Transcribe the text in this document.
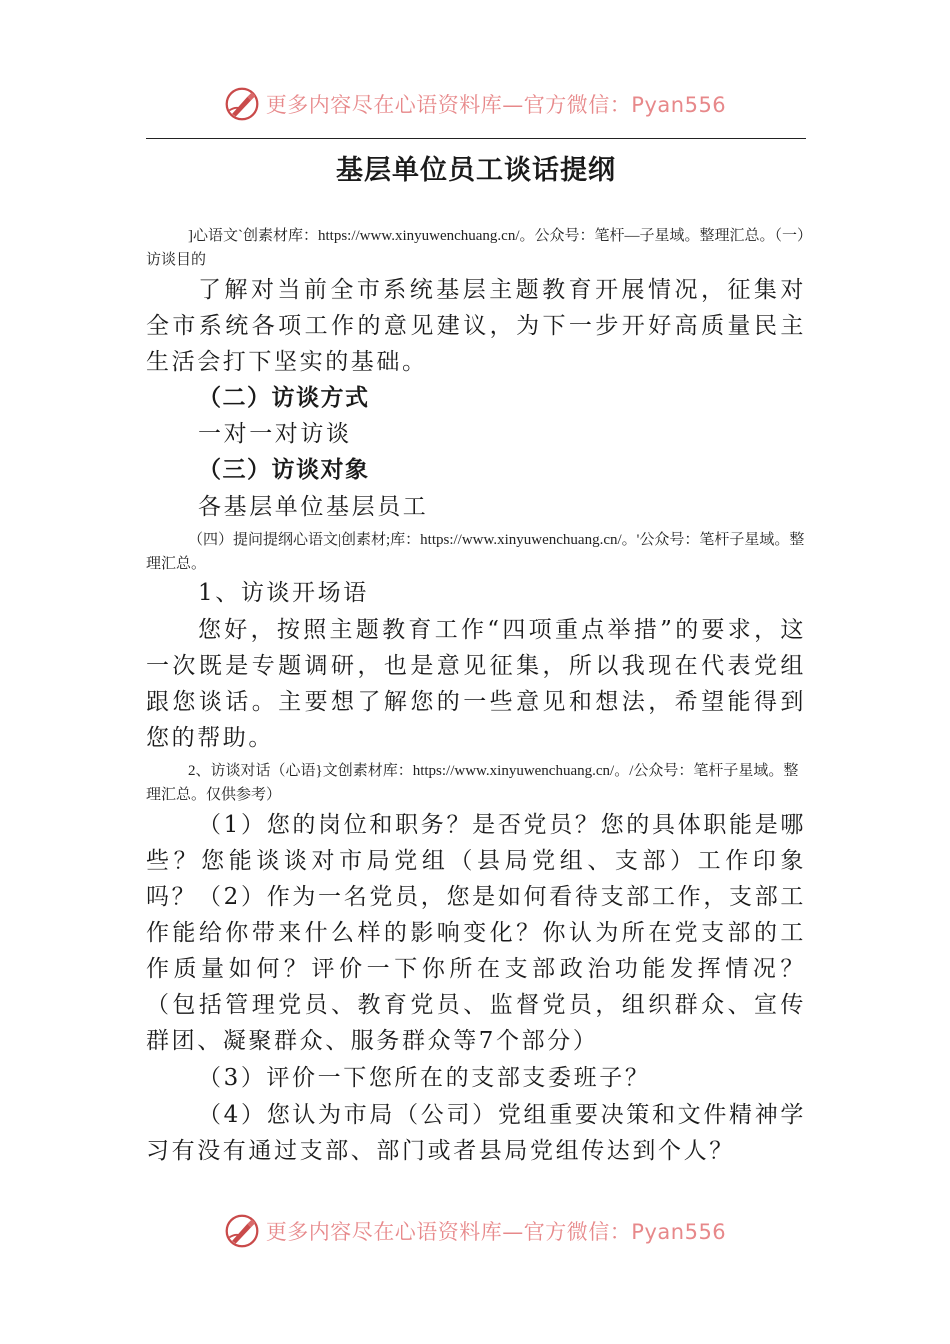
更多内容尽在心语资料库—官方微信：Pyan556
基层单位员工谈话提纲

]心语文`创素材库：https://www.xinyuwenchuang.cn/。公众号：笔杆—子星域。整理汇总。（一）访谈目的

了解对当前全市系统基层主题教育开展情况，征集对全市系统各项工作的意见建议，为下一步开好高质量民主生活会打下坚实的基础。

（二）访谈方式

一对一对访谈

（三）访谈对象

各基层单位基层员工

（四）提问提纲心语文|创素材;库：https://www.xinyuwenchuang.cn/。'公众号：笔杆子星域。整理汇总。

1、访谈开场语

您好，按照主题教育工作“四项重点举措”的要求，这一次既是专题调研，也是意见征集，所以我现在代表党组跟您谈话。主要想了解您的一些意见和想法，希望能得到您的帮助。

2、访谈对话（心语}文创素材库：https://www.xinyuwenchuang.cn/。/公众号：笔杆子星域。整理汇总。仅供参考）

（1）您的岗位和职务？是否党员？您的具体职能是哪些？您能谈谈对市局党组（县局党组、支部）工作印象吗？ （2）作为一名党员，您是如何看待支部工作，支部工作能给你带来什么样的影响变化？你认为所在党支部的工作质量如何？评价一下你所在支部政治功能发挥情况？（包括管理党员、教育党员、监督党员，组织群众、宣传群团、凝聚群众、服务群众等7个部分）

（3）评价一下您所在的支部支委班子？

（4）您认为市局（公司）党组重要决策和文件精神学习有没有通过支部、部门或者县局党组传达到个人？

更多内容尽在心语资料库—官方微信：Pyan556
